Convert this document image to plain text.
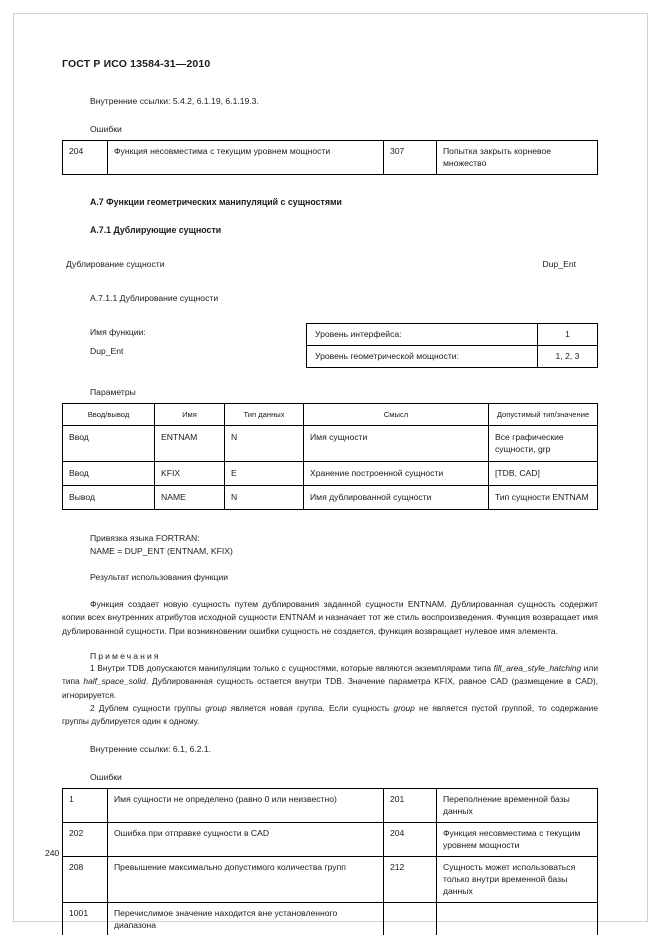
ГОСТ Р ИСО 13584-31—2010
Внутренние ссылки: 5.4.2, 6.1.19, 6.1.19.3.
Ошибки
204	Функция несовместима с текущим уровнем мощности	307	Попытка закрыть корневое множество
А.7 Функции геометрических манипуляций с сущностями
А.7.1 Дублирующие сущности
Дублирование сущности	Dup_Ent
А.7.1.1 Дублирование сущности
Имя функции:
Dup_Ent
Уровень интерфейса:	1
Уровень геометрической мощности:	1, 2, 3
Параметры
Ввод/вывод	Имя	Тип данных	Смысл	Допустимый тип/значение
Ввод	ENTNAM	N	Имя сущности	Все графические сущности, grp
Ввод	KFIX	E	Хранение построенной сущности	[TDB, CAD]
Вывод	NAME	N	Имя дублированной сущности	Тип сущности ENTNAM
Привязка языка FORTRAN:
NAME = DUP_ENT (ENTNAM, KFIX)
Результат использования функции

Функция создает новую сущность путем дублирования заданной сущности ENTNAM. Дублированная сущность содержит копии всех внутренних атрибутов исходной сущности ENTNAM и назначает тот же стиль воспроизведения. Функция возвращает имя дублированной сущности. При возникновении ошибки сущность не создается, функция возвращает нулевое имя элемента.

Примечания

1 Внутри TDB допускаются манипуляции только с сущностями, которые являются экземплярами типа fill_area_style_hatching или типа half_space_solid. Дублированная сущность остается внутри TDB. Значение параметра KFIX, равное CAD (размещение в CAD), игнорируется.

2 Дублем сущности группы group является новая группа. Если сущность group не является пустой группой, то содержание группы дублируется один к одному.

Внутренние ссылки: 6.1, 6.2.1.
Ошибки
1	Имя сущности не определено (равно 0 или неизвестно)	201	Переполнение временной базы данных
202	Ошибка при отправке сущности в CAD	204	Функция несовместима с текущим уровнем мощности
208	Превышение максимально допустимого количества групп	212	Сущность может использоваться только внутри временной базы данных
1001	Перечислимое значение находится вне установленного диапазона		
240
